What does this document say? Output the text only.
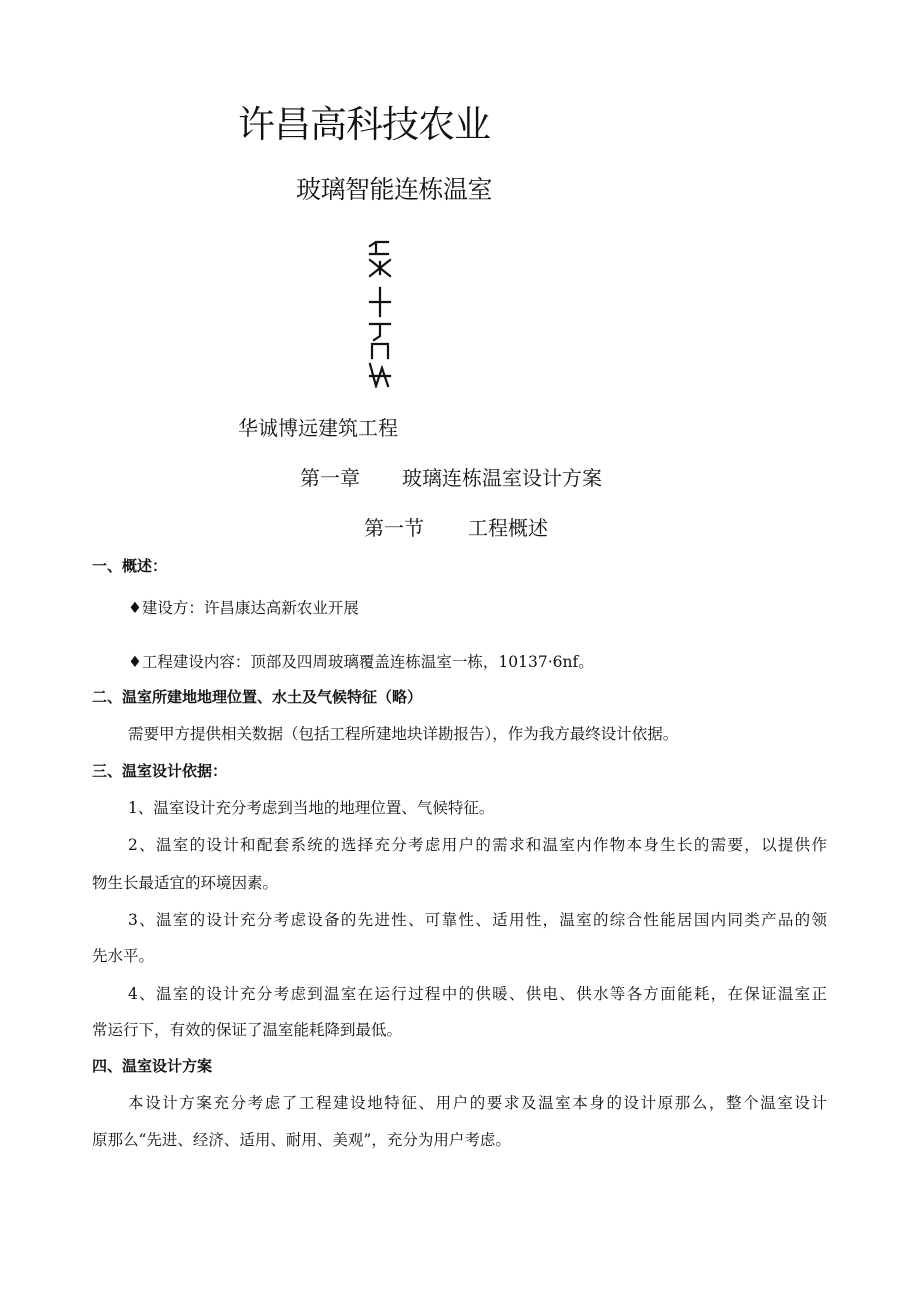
许昌高科技农业
玻璃智能连栋温室
华诚博远建筑工程
第一章 玻璃连栋温室设计方案
第一节 工程概述
一、概述：
♦建设方：许昌康达高新农业开展
♦工程建设内容：顶部及四周玻璃覆盖连栋温室一栋，10137·6nf。
二、温室所建地地理位置、水土及气候特征（略）
需要甲方提供相关数据（包括工程所建地块详勘报告），作为我方最终设计依据。
三、温室设计依据：
1、温室设计充分考虑到当地的地理位置、气候特征。
2、温室的设计和配套系统的选择充分考虑用户的需求和温室内作物本身生长的需要，以提供作
物生长最适宜的环境因素。
3、温室的设计充分考虑设备的先进性、可靠性、适用性，温室的综合性能居国内同类产品的领
先水平。
4、温室的设计充分考虑到温室在运行过程中的供暖、供电、供水等各方面能耗，在保证温室正
常运行下，有效的保证了温室能耗降到最低。
四、温室设计方案
本设计方案充分考虑了工程建设地特征、用户的要求及温室本身的设计原那么，整个温室设计
原那么“先进、经济、适用、耐用、美观”，充分为用户考虑。
